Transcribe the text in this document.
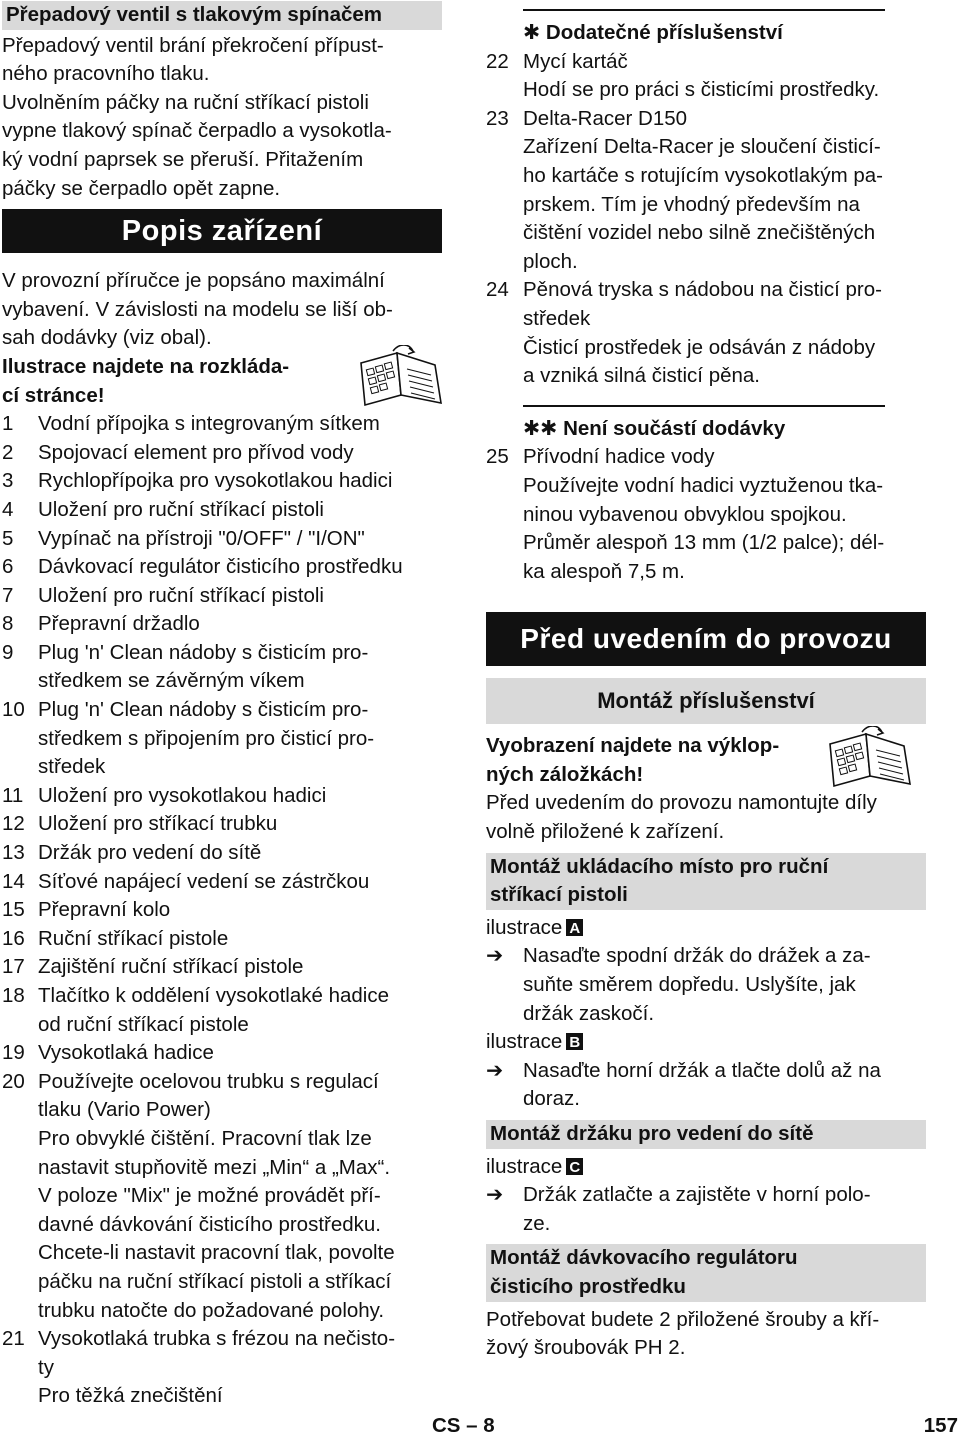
Přepadový ventil s tlakovým spínačem
Přepadový ventil brání překročení přípust-
ného pracovního tlaku.
Uvolněním páčky na ruční stříkací pistoli
vypne tlakový spínač čerpadlo a vysokotla-
ký vodní paprsek se přeruší. Přitažením
páčky se čerpadlo opět zapne.
Popis zařízení
V provozní příručce je popsáno maximální
vybavení. V závislosti na modelu se liší ob-
sah dodávky (viz obal).
Ilustrace najdete na rozkláda-
cí stránce!
1	Vodní přípojka s integrovaným sítkem
2	Spojovací element pro přívod vody
3	Rychlopřípojka pro vysokotlakou hadici
4	Uložení pro ruční stříkací pistoli
5	Vypínač na přístroji "0/OFF" / "I/ON"
6	Dávkovací regulátor čisticího prostředku
7	Uložení pro ruční stříkací pistoli
8	Přepravní držadlo
9	Plug 'n' Clean nádoby s čisticím pro-
středkem se závěrným víkem
10 Plug 'n' Clean nádoby s čisticím pro-
středkem s připojením pro čisticí pro-
středek
11 Uložení pro vysokotlakou hadici
12 Uložení pro stříkací trubku
13 Držák pro vedení do sítě
14 Síťové napájecí vedení se zástrčkou
15 Přepravní kolo
16 Ruční stříkací pistole
17 Zajištění ruční stříkací pistole
18 Tlačítko k oddělení vysokotlaké hadice
od ruční stříkací pistole
19 Vysokotlaká hadice
20 Používejte ocelovou trubku s regulací
tlaku (Vario Power)
Pro obvyklé čištění. Pracovní tlak lze
nastavit stupňovitě mezi „Min“ a „Max“.
V poloze "Mix" je možné provádět pří-
davné dávkování čisticího prostředku.
Chcete-li nastavit pracovní tlak, povolte
páčku na ruční stříkací pistoli a stříkací
trubku natočte do požadované polohy.
21 Vysokotlaká trubka s frézou na nečisto-
ty
Pro těžká znečištění
✱ Dodatečné příslušenství
22 Mycí kartáč
Hodí se pro práci s čisticími prostředky.
23 Delta-Racer D150
Zařízení Delta-Racer je sloučení čisticí-
ho kartáče s rotujícím vysokotlakým pa-
prskem. Tím je vhodný především na
čištění vozidel nebo silně znečištěných
ploch.
24 Pěnová tryska s nádobou na čisticí pro-
středek
Čisticí prostředek je odsáván z nádoby
a vzniká silná čisticí pěna.
✱✱ Není součástí dodávky
25 Přívodní hadice vody
Používejte vodní hadici vyztuženou tka-
ninou vybavenou obvyklou spojkou.
Průměr alespoň 13 mm (1/2 palce); dél-
ka alespoň 7,5 m.
Před uvedením do provozu
Montáž příslušenství
Vyobrazení najdete na výklop-
ných záložkách!
Před uvedením do provozu namontujte díly
volně přiložené k zařízení.
Montáž ukládacího místo pro ruční
stříkací pistoli
ilustrace A
➔ Nasaďte spodní držák do drážek a za-
suňte směrem dopředu. Uslyšíte, jak
držák zaskočí.
ilustrace B
➔ Nasaďte horní držák a tlačte dolů až na
doraz.
Montáž držáku pro vedení do sítě
ilustrace C
➔ Držák zatlačte a zajistěte v horní polo-
ze.
Montáž dávkovacího regulátoru
čisticího prostředku
Potřebovat budete 2 přiložené šrouby a kří-
žový šroubovák PH 2.
CS – 8	157
